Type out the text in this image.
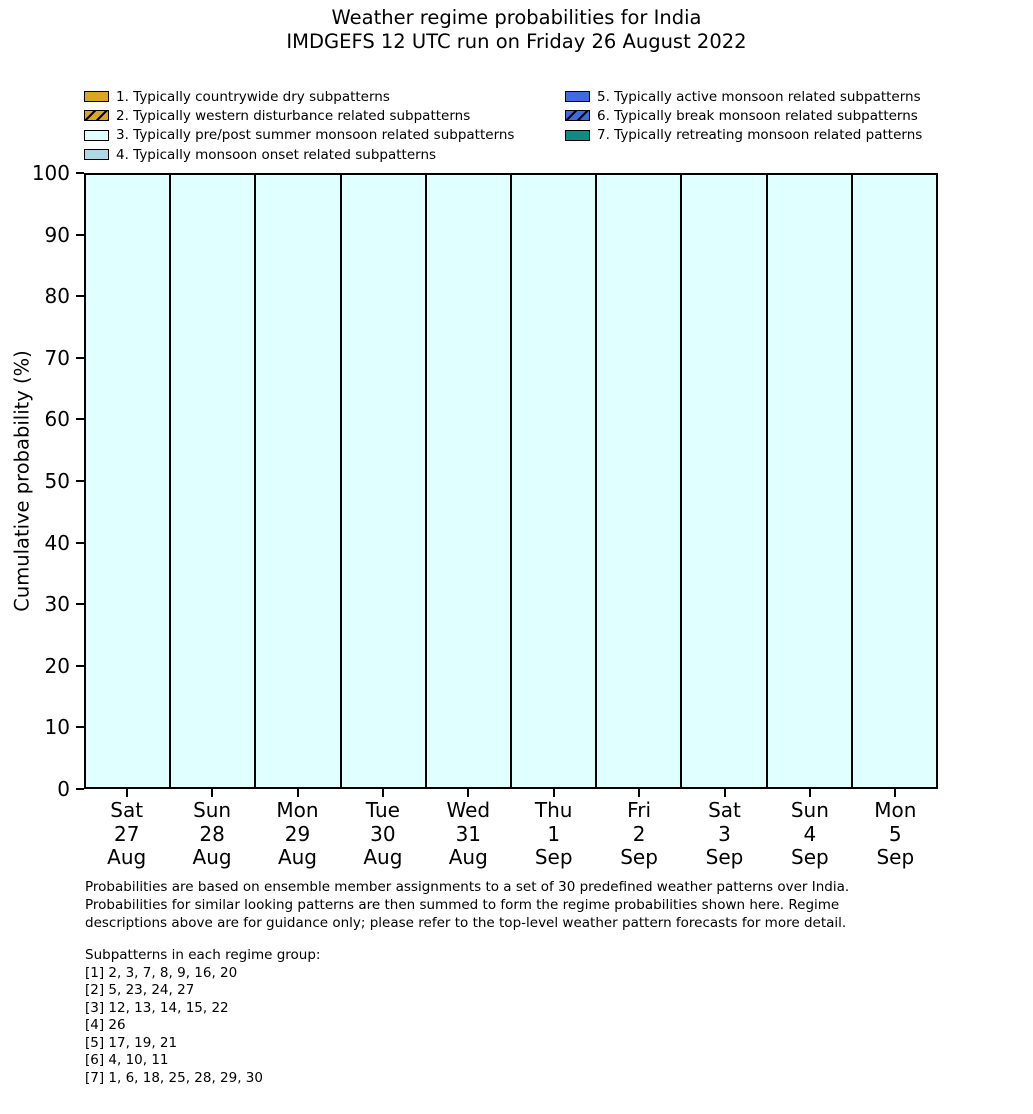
Weather regime probabilities for India
IMDGEFS 12 UTC run on Friday 26 August 2022
1. Typically countrywide dry subpatterns
2. Typically western disturbance related subpatterns
3. Typically pre/post summer monsoon related subpatterns
4. Typically monsoon onset related subpatterns
5. Typically active monsoon related subpatterns
6. Typically break monsoon related subpatterns
7. Typically retreating monsoon related patterns
Cumulative probability (%)
0
10
20
30
40
50
60
70
80
90
100
Sat
27
Aug
Sun
28
Aug
Mon
29
Aug
Tue
30
Aug
Wed
31
Aug
Thu
1
Sep
Fri
2
Sep
Sat
3
Sep
Sun
4
Sep
Mon
5
Sep
Probabilities are based on ensemble member assignments to a set of 30 predefined weather patterns over India.
Probabilities for similar looking patterns are then summed to form the regime probabilities shown here. Regime
descriptions above are for guidance only; please refer to the top-level weather pattern forecasts for more detail.
Subpatterns in each regime group:
[1] 2, 3, 7, 8, 9, 16, 20
[2] 5, 23, 24, 27
[3] 12, 13, 14, 15, 22
[4] 26
[5] 17, 19, 21
[6] 4, 10, 11
[7] 1, 6, 18, 25, 28, 29, 30
